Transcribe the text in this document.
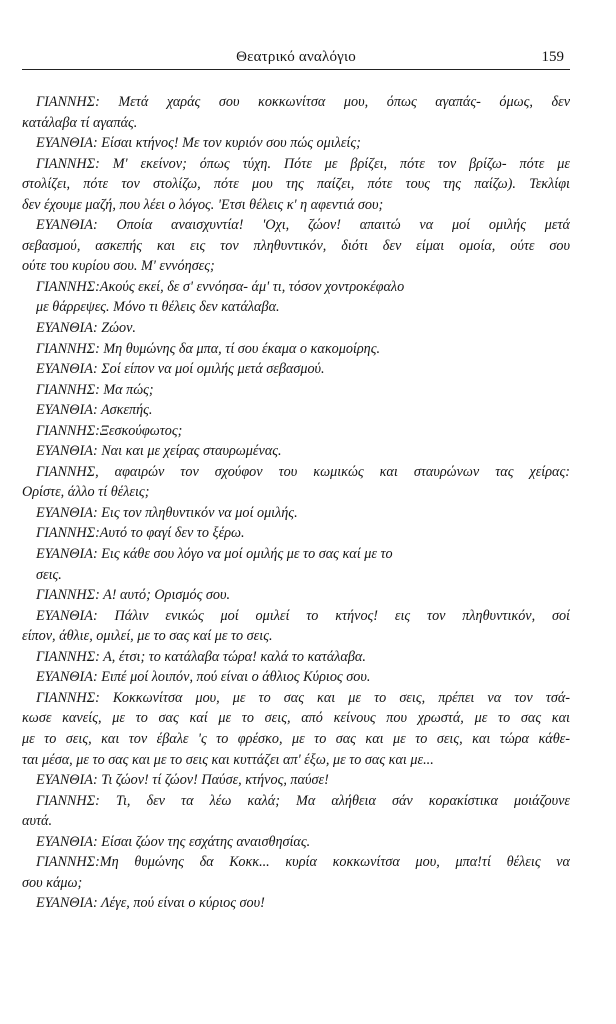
Θεατρικό αναλόγιο	159
ΓΙΑΝΝΗΣ: Μετά χαράς σου κοκκωνίτσα μου, όπως αγαπάς- όμως, δεν
κατάλαβα τί αγαπάς.
ΕΥΑΝΘΙΑ: Είσαι κτήνος! Με τον κυριόν σου πώς ομιλείς;
ΓΙΑΝΝΗΣ: Μ' εκείνον; όπως τύχη. Πότε με βρίζει, πότε τον βρίζω- πότε με
στολίζει, πότε τον στολίζω, πότε μου της παίζει, πότε τους της παίζω). Τεκλίφι
δεν έχουμε μαζή, που λέει ο λόγος. 'Ετσι θέλεις κ' η αφεντιά σου;
ΕΥΑΝΘΙΑ: Οποία αναισχυντία! 'Οχι, ζώον! απαιτώ να μοί ομιλής μετά
σεβασμού, ασκεπής και εις τον πληθυντικόν, διότι δεν είμαι ομοία, ούτε σου
ούτε του κυρίου σου. Μ' εννόησες;
ΓΙΑΝΝΗΣ:Ακούς εκεί, δε σ' εννόησα- άμ' τι, τόσον χοντροκέφαλο
με θάρρεψες. Μόνο τι θέλεις δεν κατάλαβα.
ΕΥΑΝΘΙΑ: Ζώον.
ΓΙΑΝΝΗΣ: Μη θυμώνης δα μπα, τί σου έκαμα ο κακομοίρης.
ΕΥΑΝΘΙΑ: Σοί είπον να μοί ομιλής μετά σεβασμού.
ΓΙΑΝΝΗΣ: Μα πώς;
ΕΥΑΝΘΙΑ: Ασκεπής.
ΓΙΑΝΝΗΣ:Ξεσκούφωτος;
ΕΥΑΝΘΙΑ: Ναι και με χείρας σταυρωμένας.
ΓΙΑΝΝΗΣ, αφαιρών τον σχούφον του κωμικώς και σταυρώνων τας χείρας:
Ορίστε, άλλο τί θέλεις;
ΕΥΑΝΘΙΑ: Εις τον πληθυντικόν να μοί ομιλής.
ΓΙΑΝΝΗΣ:Αυτό το φαγί δεν το ξέρω.
ΕΥΑΝΘΙΑ: Εις κάθε σου λόγο να μοί ομιλής με το σας καί με το
σεις.
ΓΙΑΝΝΗΣ: Α! αυτό; Ορισμός σου.
ΕΥΑΝΘΙΑ: Πάλιν ενικώς μοί ομιλεί το κτήνος! εις τον πληθυντικόν, σοί
είπον, άθλιε, ομιλεί, με το σας καί με το σεις.
ΓΙΑΝΝΗΣ: Α, έτσι; το κατάλαβα τώρα! καλά το κατάλαβα.
ΕΥΑΝΘΙΑ: Ειπέ μοί λοιπόν, πού είναι ο άθλιος Κύριος σου.
ΓΙΑΝΝΗΣ: Κοκκωνίτσα μου, με το σας και με το σεις, πρέπει να τον τσά-
κωσε κανείς, με το σας καί με το σεις, από κείνους που χρωστά, με το σας και
με το σεις, και τον έβαλε 'ς το φρέσκο, με το σας και με το σεις, και τώρα κάθε-
ται μέσα, με το σας και με το σεις και κυττάζει απ' έξω, με το σας και με...
ΕΥΑΝΘΙΑ: Τι ζώον! τί ζώον! Παύσε, κτήνος, παύσε!
ΓΙΑΝΝΗΣ: Τι, δεν τα λέω καλά; Μα αλήθεια σάν κορακίστικα μοιάζουνε
αυτά.
ΕΥΑΝΘΙΑ: Είσαι ζώον της εσχάτης αναισθησίας.
ΓΙΑΝΝΗΣ:Μη θυμώνης δα Κοκκ... κυρία κοκκωνίτσα μου, μπα!τί θέλεις να
σου κάμω;
ΕΥΑΝΘΙΑ: Λέγε, πού είναι ο κύριος σου!
